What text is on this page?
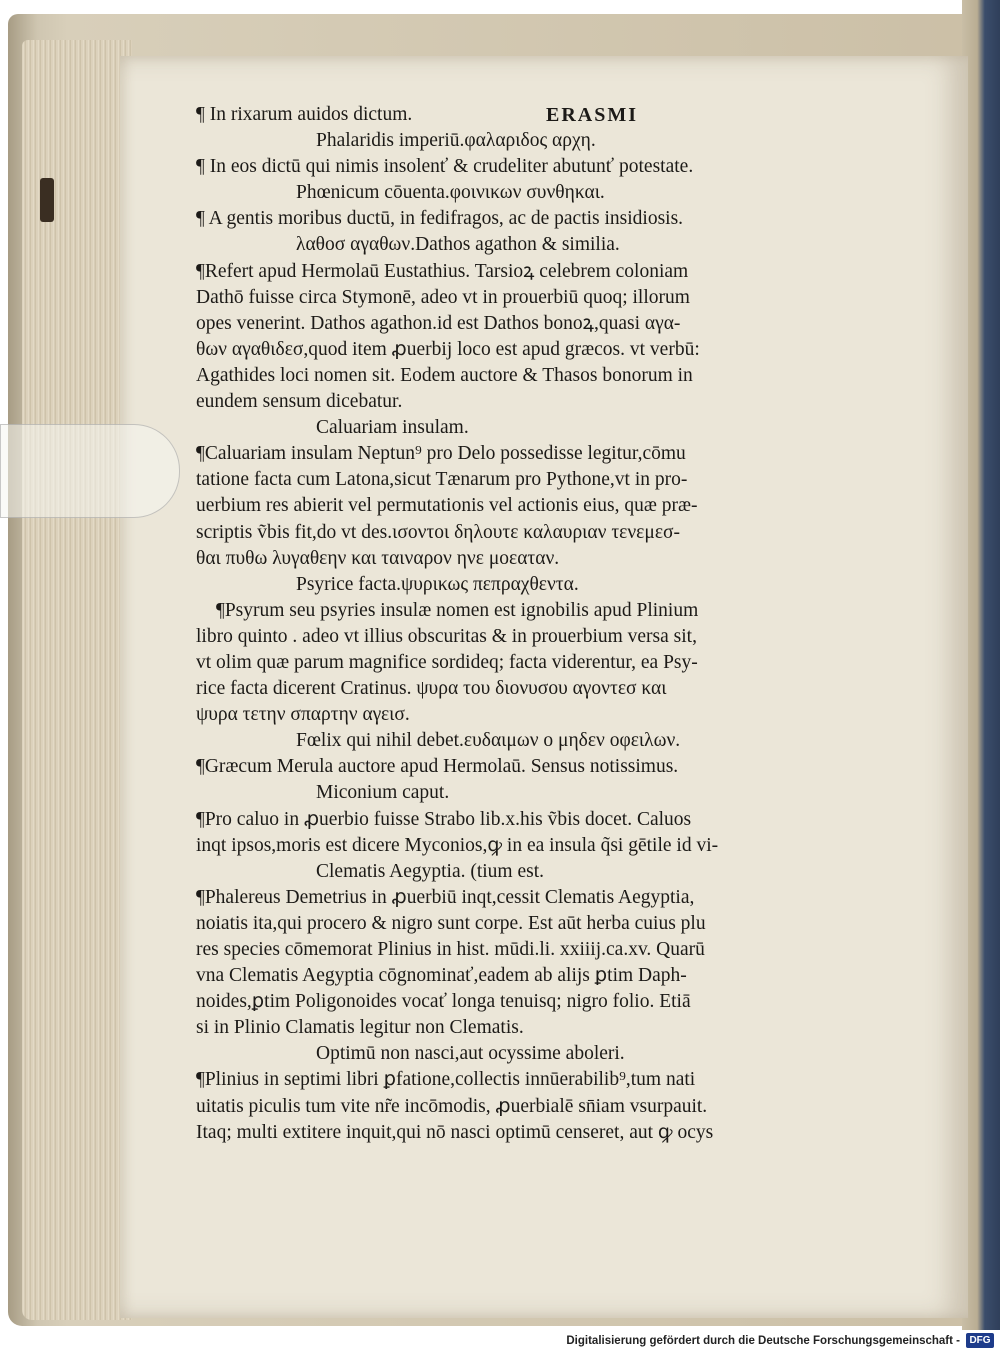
ERASMI
¶ In rixarum auidos dictum.
Phalaridis imperiū.φαλαριδος αρχη.
¶ In eos dictū qui nimis insolenť & crudeliter abutunť potestate.
Phœnicum cōuenta.φοινικων συνθηκαι.
¶ A gentis moribus ductū, in fedifragos, ac de pactis insidiosis.
λαθοσ αγαθων.Dathos agathon & similia.
¶Refert apud Hermolaū Eustathius. Tarsioꝝ celebrem coloniam
Dathō fuisse circa Stymonē, adeo vt in prouerbiū quoq; illorum
opes venerint. Dathos agathon.id est Dathos bonoꝝ,quasi αγα-
θων αγαθιδεσ,quod item ꝓuerbij loco est apud græcos. vt verbū:
Agathides loci nomen sit. Eodem auctore & Thasos bonorum in
eundem sensum dicebatur.
Caluariam insulam.
¶Caluariam insulam Neptun⁹ pro Delo possedisse legitur,cōmu
tatione facta cum Latona,sicut Tænarum pro Pythone,vt in pro-
uerbium res abierit vel permutationis vel actionis eius, quæ præ-
scriptis ṽbis fit,do vt des.ισοντοι δηλουτε καλαυριαν τενεμεσ-
θαι πυθω λυγαθεην και ταιναρον ηνε μοεαταν.
Psyrice facta.ψυρικως πεπραχθεντα.
¶Psyrum seu psyries insulæ nomen est ignobilis apud Plinium
libro quinto . adeo vt illius obscuritas & in prouerbium versa sit,
vt olim quæ parum magnifice sordideq; facta viderentur, ea Psy-
rice facta dicerent Cratinus. ψυρα του διονυσου αγοντεσ και
ψυρα τετην σπαρτην αγεισ.
Fœlix qui nihil debet.ευδαιμων ο μηδεν οφειλων.
¶Græcum Merula auctore apud Hermolaū. Sensus notissimus.
Miconium caput.
¶Pro caluo in ꝓuerbio fuisse Strabo lib.x.his ṽbis docet. Caluos
inqt ipsos,moris est dicere Myconios,ꝙ in ea insula q̃si gētile id vi-
Clematis Aegyptia. (tium est.
¶Phalereus Demetrius in ꝓuerbiū inqt,cessit Clematis Aegyptia,
noiatis ita,qui procero & nigro sunt corpe. Est aūt herba cuius plu
res species cōmemorat Plinius in hist. mūdi.li. xxiiij.ca.xv. Quarū
vna Clematis Aegyptia cōgnominať,eadem ab alijs ꝑtim Daph-
noides,ꝑtim Poligonoides vocať longa tenuisq; nigro folio. Etiā
si in Plinio Clamatis legitur non Clematis.
Optimū non nasci,aut ocyssime aboleri.
¶Plinius in septimi libri ꝑfatione,collectis innūerabilib⁹,tum nati
uitatis piculis tum vite nr̃e incōmodis, ꝓuerbialē sn̄iam vsurpauit.
Itaq; multi extitere inquit,qui nō nasci optimū censeret, aut ꝙ ocys
Digitalisierung gefördert durch die Deutsche Forschungsgemeinschaft - DFG
